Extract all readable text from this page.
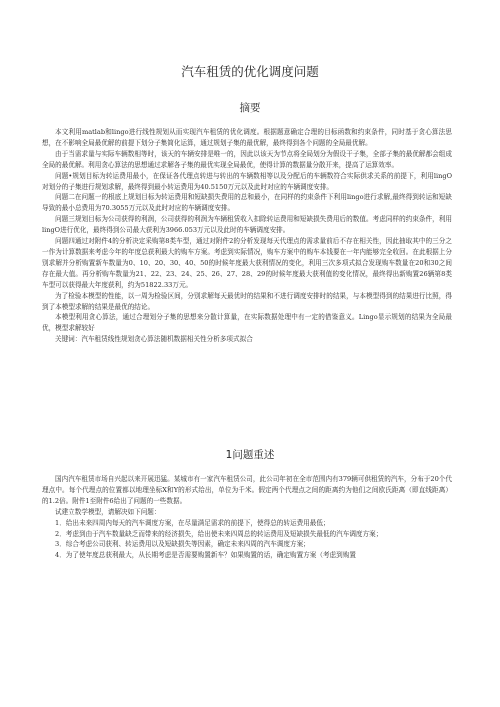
汽车租赁的优化调度问题
摘要

本文利用matlab和lingo进行线性规划从而实现汽车租赁的优化调度。根据题意确定合理的目标函数和约束条件，同时基于贪心算法思想，在不影响全局最优解的前提下划分子集简化运算，通过规划子集的最优解，最终得到各个问题的全局最优解。

由于当需求量与实际车辆数相等时，该天的车辆安排是唯一的，因此以该天为节点将全局划分为假设干子集，全部子集的最优解都会组成全局的最优解。利用贪心算法的思想通过求解各子集的最优实现全局最优，使得计算的数据量分散开来，提高了运算效率。

问题•规划目标为转运费用最小，在保证各代理点转进与转出的车辆数相等以及分配后的车辆数符合实际供求关系的前提下，利用lingO对划分的子集进行规划求解，最终得到最小转运费用为40.5150万元以及此时对应的车辆调度安排。

问题二在问题一的根底上规划目标为转运费用和短缺损失费用的总和最小，在同样的约束条件下利用lingo进行求解,最终得到转运和短缺导致的最小总费用为70.3055万元以及此时对应的车辆调度安排。

问题三规划目标为公司获得的利润，公司获得的利润为车辆租赁收入扣除转运费用和短缺损失费用后的数值。考虑同样的约束条件，利用lingO进行优化，最终得到公司最大获利为3966.053万元以及此时的车辆调度安排。

问题四通过对附件4的分析决定采购第8类车型，通过对附件2的分析发现每天代理点的需求量前后不存在相关性，因此抽取其中的三分之一作为计算数据来考虑今年的年度总获利最大的购车方案。考虑到实际情况，购车方案中的购车本钱要在一年内能够完全收回。在此根据上分别求解并分析购置新车数量为0、10、20、30、40、50的时候年度最大获利情况的变化，利用三次多项式拟合发现购车数量在20和30之间存在最大值。再分析购车数量为21、22、23、24、25、26、27、28、29的时候年度最大获利值的变化情况，最终得出新购置26辆第8类车型可以获得最大年度获利，约为51822.33万元。

为了检验本模型的性能，以一周为检验区间，分别求解每天最优时的结果和不进行调度安排时的结果，与本模型得到的结果进行比照，得到了本模型求解的结果是最优的结论。

本模型利用贪心算法，通过合理划分子集的思想来分散计算量，在实际数据处理中有一定的借鉴意义。Lingo显示规划的结果为全局最优，模型求解较好

关键词：汽车租赁线性规划贪心算法随机数据相关性分析多项式拟合

1问题重述

国内汽车租赁市场自兴起以来开展迅猛。某城市有一家汽车租赁公司，此公司年初在全市范围内有379辆可供租赁的汽车，分布于20个代理点中。每个代理点的位置都以地理坐标X和Y的形式给出，单位为千米。假定两个代理点之间的距离约为他们之间欧氏距离（即直线距离）的1.2倍。附件1至附件6给出了问题的一些数据。

试建立数学模型，请解决如下问题：

1．给出未来四周内每天的汽车调度方案，在尽量满足需求的前提下，使得总的转运费用最低；

2．考虑到由于汽车数量缺乏而带来的经济损失，给出使未来四周总的转运费用及短缺损失最低的汽车调度方案；

3．综合考虑公司获利、转运费用以及短缺损失等因素，确定未来四周的汽车调度方案；

4．为了使年度总获利最大，从长期考虑是否需要购置新车？如果购置的话，确定购置方案（考虑到购置
